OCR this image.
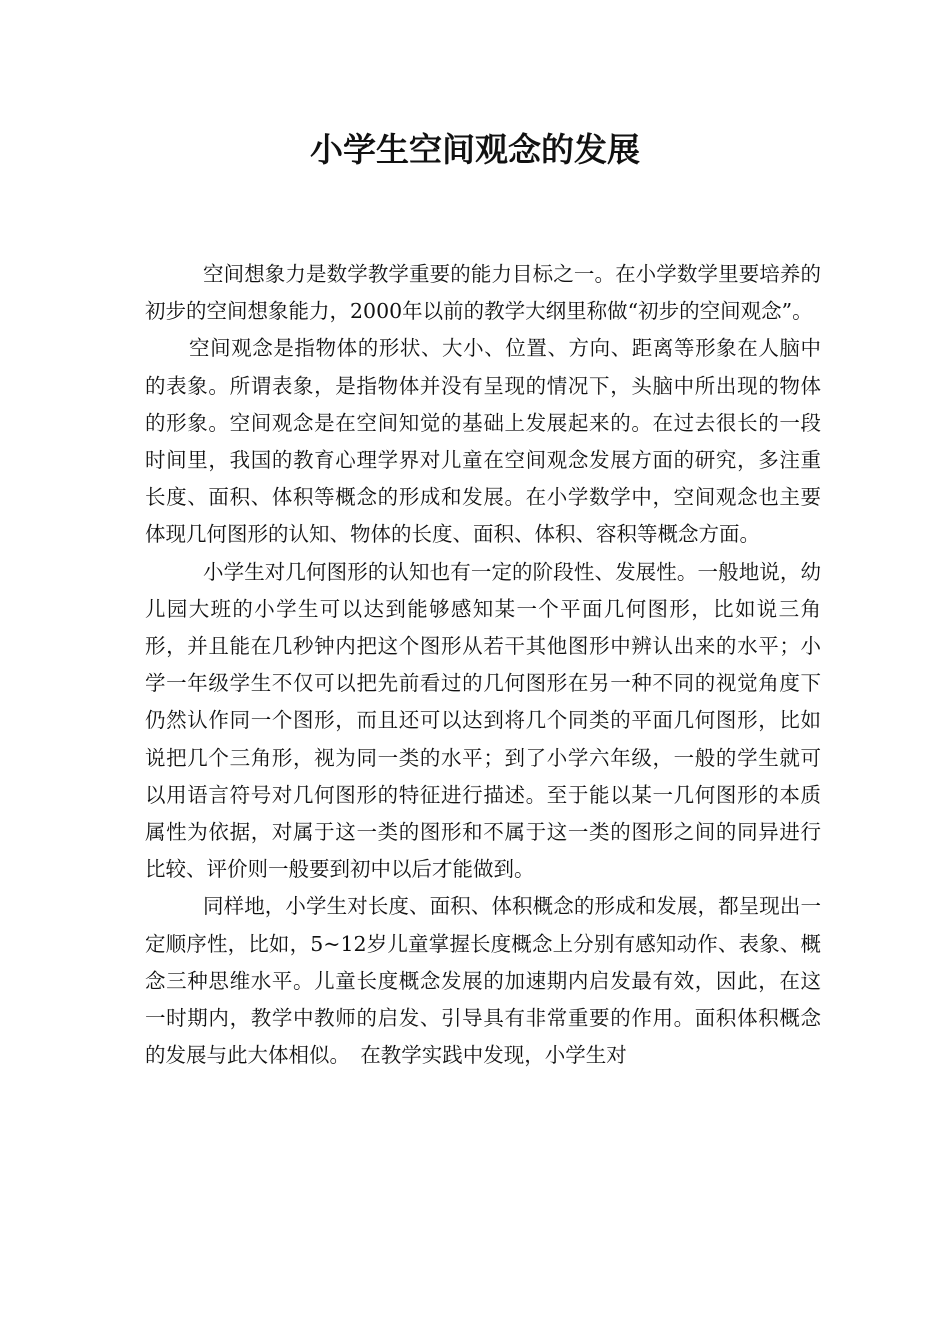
小学生空间观念的发展

空间想象力是数学教学重要的能力目标之一。在小学数学里要培养的初步的空间想象能力，2000年以前的教学大纲里称做“初步的空间观念”。

空间观念是指物体的形状、大小、位置、方向、距离等形象在人脑中的表象。所谓表象，是指物体并没有呈现的情况下，头脑中所出现的物体的形象。空间观念是在空间知觉的基础上发展起来的。在过去很长的一段时间里，我国的教育心理学界对儿童在空间观念发展方面的研究，多注重长度、面积、体积等概念的形成和发展。在小学数学中，空间观念也主要体现几何图形的认知、物体的长度、面积、体积、容积等概念方面。

小学生对几何图形的认知也有一定的阶段性、发展性。一般地说，幼儿园大班的小学生可以达到能够感知某一个平面几何图形，比如说三角形，并且能在几秒钟内把这个图形从若干其他图形中辨认出来的水平；小学一年级学生不仅可以把先前看过的几何图形在另一种不同的视觉角度下仍然认作同一个图形，而且还可以达到将几个同类的平面几何图形，比如说把几个三角形，视为同一类的水平；到了小学六年级，一般的学生就可以用语言符号对几何图形的特征进行描述。至于能以某一几何图形的本质属性为依据，对属于这一类的图形和不属于这一类的图形之间的同异进行比较、评价则一般要到初中以后才能做到。

同样地，小学生对长度、面积、体积概念的形成和发展，都呈现出一定顺序性，比如，5~12岁儿童掌握长度概念上分别有感知动作、表象、概念三种思维水平。儿童长度概念发展的加速期内启发最有效，因此，在这一时期内，教学中教师的启发、引导具有非常重要的作用。面积体积概念的发展与此大体相似。　在教学实践中发现，小学生对
